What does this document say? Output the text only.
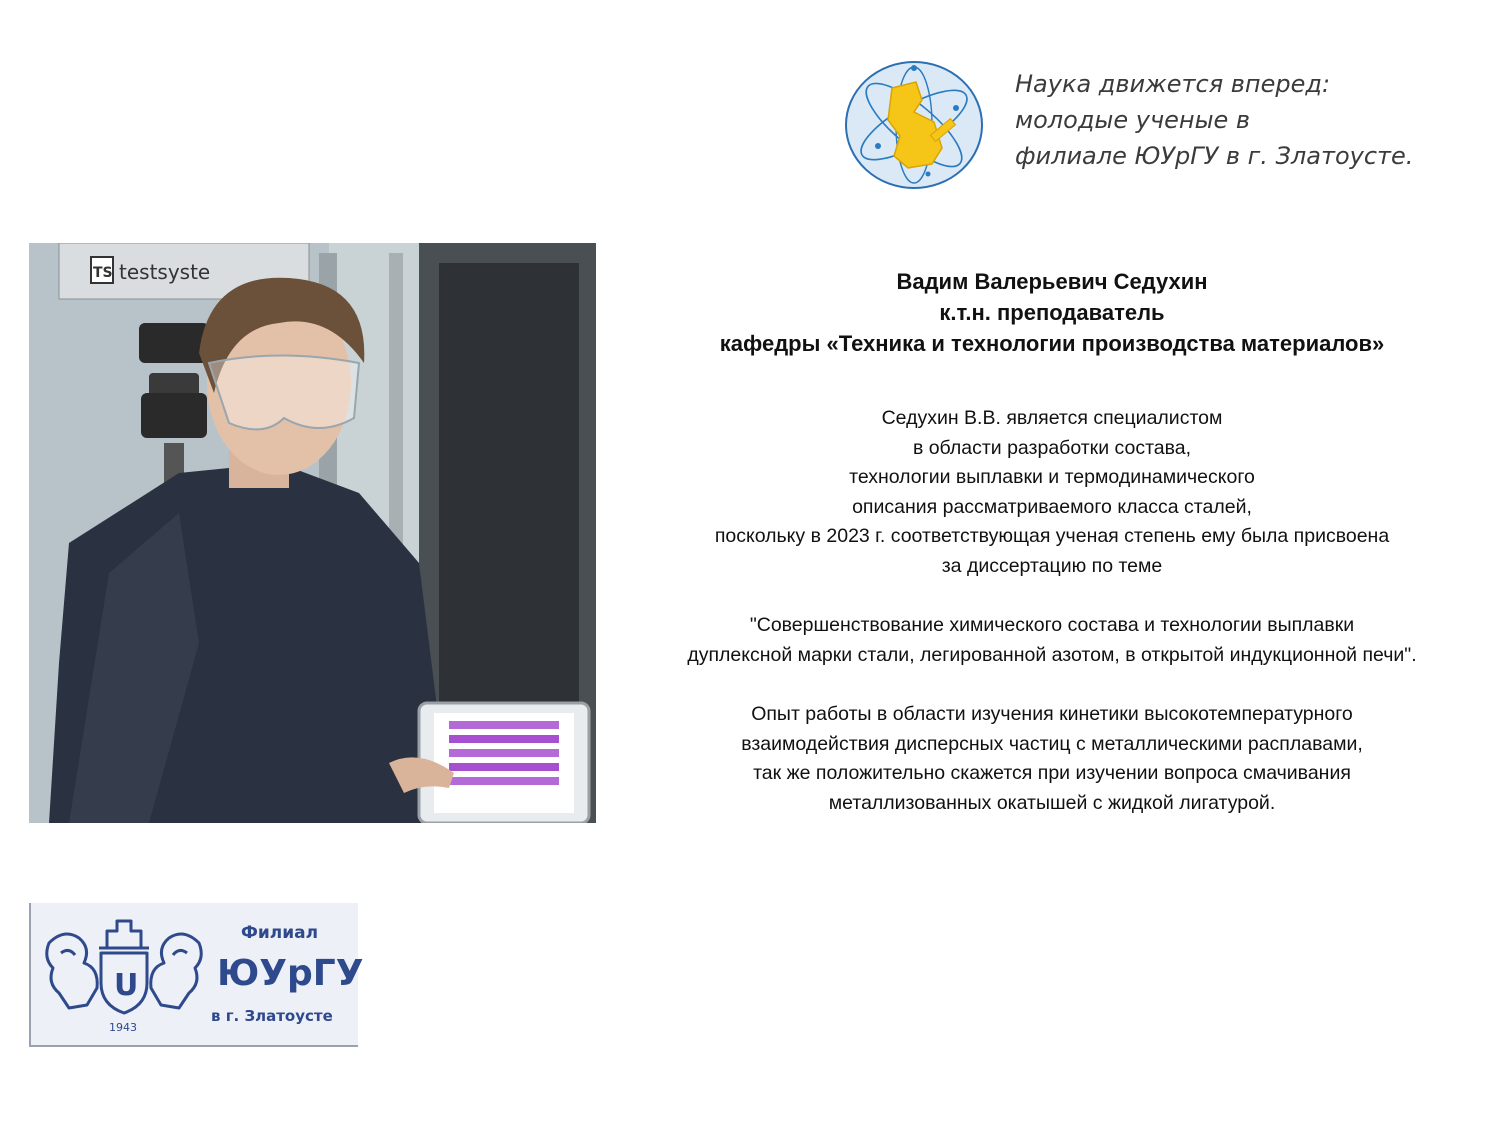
Наука движется вперед:
молодые ученые в
филиале ЮУрГУ в г. Златоусте.
TS testsyste	Вадим Валерьевич Седухин
к.т.н. преподаватель
кафедры «Техника и технологии производства материалов»
Седухин В.В. является специалистом
в области разработки состава,
технологии выплавки и термодинамического
описания рассматриваемого класса сталей,
поскольку в 2023 г. соответствующая ученая степень ему была присвоена
за диссертацию по теме
"Совершенствование химического состава и технологии выплавки
дуплексной марки стали, легированной азотом, в открытой индукционной печи".
Опыт работы в области изучения кинетики высокотемпературного
взаимодействия дисперсных частиц с металлическими расплавами,
так же положительно скажется при изучении вопроса смачивания
металлизованных окатышей с жидкой лигатурой.
U
1943
Филиал
ЮУрГУ
в г. Златоусте
